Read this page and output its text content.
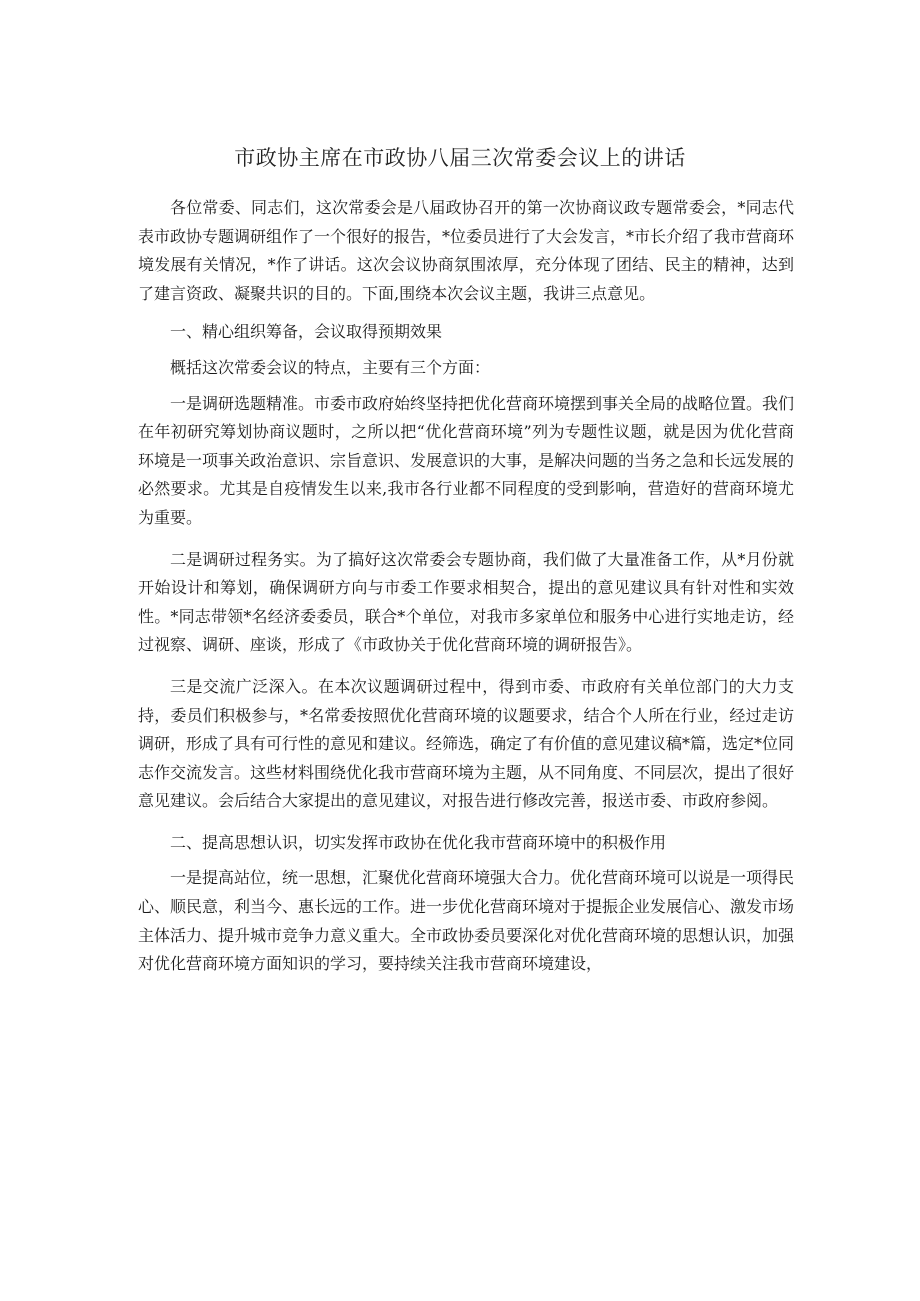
市政协主席在市政协八届三次常委会议上的讲话

各位常委、同志们，这次常委会是八届政协召开的第一次协商议政专题常委会，*同志代表市政协专题调研组作了一个很好的报告，*位委员进行了大会发言，*市长介绍了我市营商环境发展有关情况，*作了讲话。这次会议协商氛围浓厚，充分体现了团结、民主的精神，达到了建言资政、凝聚共识的目的。下面,围绕本次会议主题，我讲三点意见。

一、精心组织筹备，会议取得预期效果

概括这次常委会议的特点，主要有三个方面：

一是调研选题精准。市委市政府始终坚持把优化营商环境摆到事关全局的战略位置。我们在年初研究筹划协商议题时，之所以把“优化营商环境”列为专题性议题，就是因为优化营商环境是一项事关政治意识、宗旨意识、发展意识的大事，是解决问题的当务之急和长远发展的必然要求。尤其是自疫情发生以来,我市各行业都不同程度的受到影响，营造好的营商环境尤为重要。

二是调研过程务实。为了搞好这次常委会专题协商，我们做了大量准备工作，从*月份就开始设计和筹划，确保调研方向与市委工作要求相契合，提出的意见建议具有针对性和实效性。*同志带领*名经济委委员，联合*个单位，对我市多家单位和服务中心进行实地走访，经过视察、调研、座谈，形成了《市政协关于优化营商环境的调研报告》。

三是交流广泛深入。在本次议题调研过程中，得到市委、市政府有关单位部门的大力支持，委员们积极参与，*名常委按照优化营商环境的议题要求，结合个人所在行业，经过走访调研，形成了具有可行性的意见和建议。经筛选，确定了有价值的意见建议稿*篇，选定*位同志作交流发言。这些材料围绕优化我市营商环境为主题，从不同角度、不同层次，提出了很好意见建议。会后结合大家提出的意见建议，对报告进行修改完善，报送市委、市政府参阅。

二、提高思想认识，切实发挥市政协在优化我市营商环境中的积极作用

一是提高站位，统一思想，汇聚优化营商环境强大合力。优化营商环境可以说是一项得民心、顺民意，利当今、惠长远的工作。进一步优化营商环境对于提振企业发展信心、激发市场主体活力、提升城市竞争力意义重大。全市政协委员要深化对优化营商环境的思想认识，加强对优化营商环境方面知识的学习，要持续关注我市营商环境建设，
